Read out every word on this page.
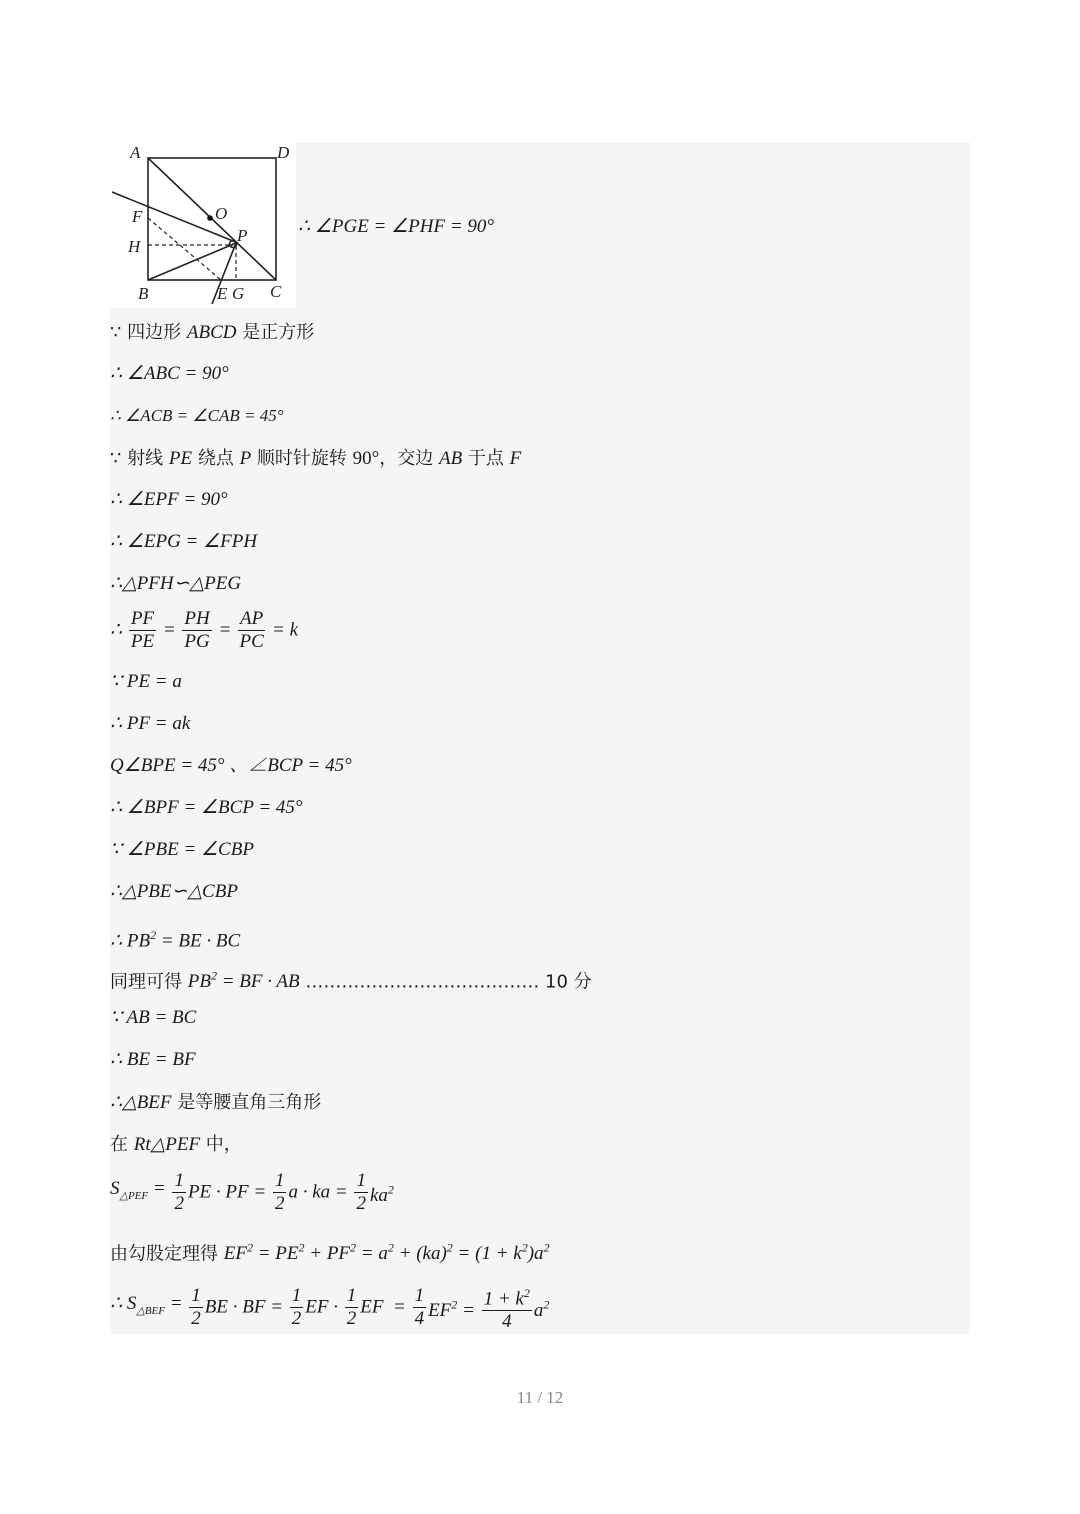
A	D
O
F
P
H
B	E G C
∴ ∠PGE = ∠PHF = 90°
∵ 四边形 ABCD 是正方形
∴ ∠ABC = 90°
∴ ∠ACB = ∠CAB = 45°
∵ 射线 PE 绕点 P 顺时针旋转 90°，交边 AB 于点 F
∴ ∠EPF = 90°
∴ ∠EPG = ∠FPH
∴△PFH∽△PEG
∴ $\frac{PF}{PE} = \frac{PH}{PG} = \frac{AP}{PC} = k$
∵ PE = a
∴ PF = ak
Q∠BPE = 45° 、∠BCP = 45°
∴ ∠BPF = ∠BCP = 45°
∵ ∠PBE = ∠CBP
∴△PBE∽△CBP
∴ $PB^2$ = BE · BC
同理可得 $PB^2$ = BF · AB ………………………………… 10 分
∵ AB = BC
∴ BE = BF
∴△BEF 是等腰直角三角形
在 Rt△PEF 中，
$S_{\triangle PEF} = \frac{1}{2}$ PE · PF = $\frac{1}{2}$ a · ka = $\frac{1}{2} ka^2$
由勾股定理得 $EF^2 = PE^2 + PF^2 = a^2 + (ka)^2 = (1 + k^2)a^2$
∴ $S_{\triangle BEF} = \frac{1}{2}$ BE · BF = $\frac{1}{2}$ EF · $\frac{1}{2}$ EF  = $\frac{1}{4} EF^2 = \frac{1 + k^2}{4} a^2$
11 / 12
